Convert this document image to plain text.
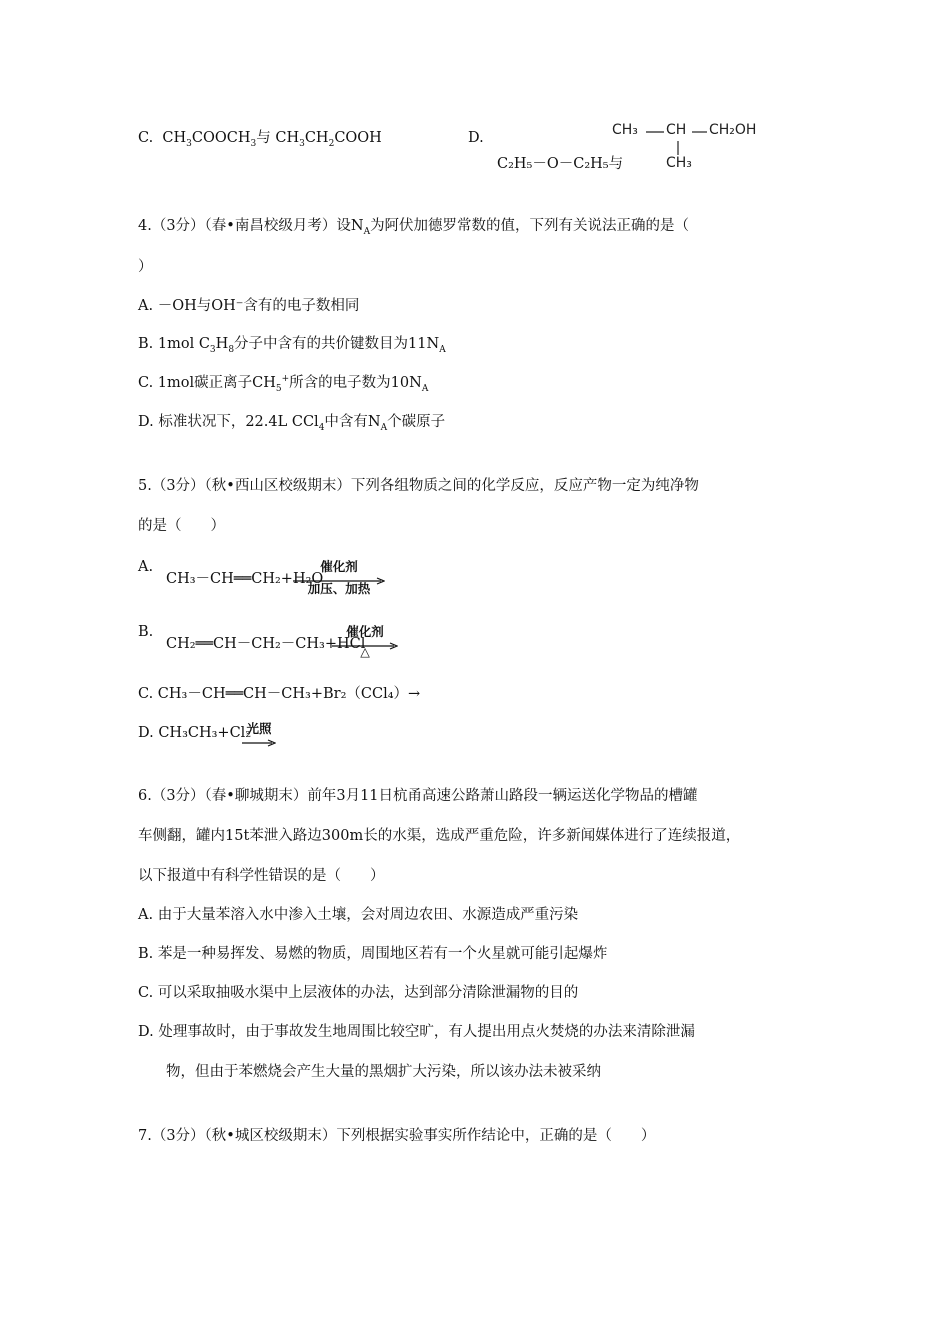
C. $CH_3COOCH_3$与 $CH_3CH_2COOH$	D.
C₂H₅－O－C₂H₅与
CH₃ CH CH₂OH
CH₃
4.（3分）（春•南昌校级月考）设$N_A$为阿伏加德罗常数的值，下列有关说法正确的是（
）
A. －OH与OH⁻含有的电子数相同
B. 1mol $C_3H_8$分子中含有的共价键数目为$11N_A$
C. 1mol碳正离子$CH_5^+$所含的电子数为$10N_A$
D. 标准状况下，22.4L CCl$_4$中含有$N_A$个碳原子
5.（3分）（秋•西山区校级期末）下列各组物质之间的化学反应，反应产物一定为纯净物
的是（　　）
A.
CH₃－CH══CH₂+H₂O
催化剂
加压、加热
B.
CH₂══CH－CH₂－CH₃+HCl
催化剂
△
C. CH₃－CH══CH－CH₃+Br₂（CCl₄）→
D. CH₃CH₃+Cl₂
光照
6.（3分）（春•聊城期末）前年3月11日杭甬高速公路萧山路段一辆运送化学物品的槽罐
车侧翻，罐内15t苯泄入路边300m长的水渠，选成严重危险，许多新闻媒体进行了连续报道，
以下报道中有科学性错误的是（　　）
A. 由于大量苯溶入水中渗入土壤，会对周边农田、水源造成严重污染
B. 苯是一种易挥发、易燃的物质，周围地区若有一个火星就可能引起爆炸
C. 可以采取抽吸水渠中上层液体的办法，达到部分清除泄漏物的目的
D. 处理事故时，由于事故发生地周围比较空旷，有人提出用点火焚烧的办法来清除泄漏
物，但由于苯燃烧会产生大量的黑烟扩大污染，所以该办法未被采纳
7.（3分）（秋•城区校级期末）下列根据实验事实所作结论中，正确的是（　　）
